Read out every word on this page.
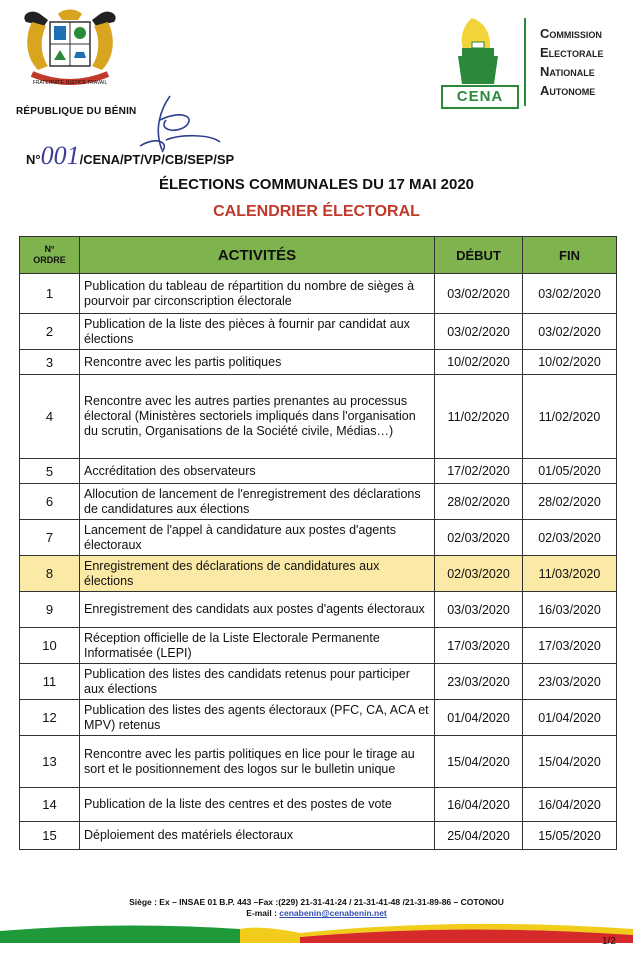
FRATERNITÉ JUSTICE TRAVAIL
RÉPUBLIQUE DU BÉNIN
N°001/CENA/PT/VP/CB/SEP/SP
CENA
Commission
Electorale
Nationale
Autonome
ÉLECTIONS COMMUNALES DU 17 MAI 2020
CALENDRIER ÉLECTORAL
N°
ORDRE	ACTIVITÉS	DÉBUT	FIN
1	Publication du tableau de répartition du nombre de sièges à pourvoir par circonscription électorale	03/02/2020	03/02/2020
2	Publication de la liste des pièces à fournir par candidat aux élections	03/02/2020	03/02/2020
3	Rencontre avec les partis politiques	10/02/2020	10/02/2020
4	Rencontre avec les autres parties prenantes au processus électoral (Ministères sectoriels impliqués dans l'organisation du scrutin, Organisations de la Société civile, Médias…)	11/02/2020	11/02/2020
5	Accréditation des observateurs	17/02/2020	01/05/2020
6	Allocution de lancement de l'enregistrement des déclarations de candidatures aux élections	28/02/2020	28/02/2020
7	Lancement de l'appel à candidature aux postes d'agents électoraux	02/03/2020	02/03/2020
8	Enregistrement des déclarations de candidatures aux élections	02/03/2020	11/03/2020
9	Enregistrement des candidats aux postes d'agents électoraux	03/03/2020	16/03/2020
10	Réception officielle de la Liste Electorale Permanente Informatisée (LEPI)	17/03/2020	17/03/2020
11	Publication des listes des candidats retenus pour participer aux élections	23/03/2020	23/03/2020
12	Publication des listes des agents électoraux (PFC, CA, ACA et MPV) retenus	01/04/2020	01/04/2020
13	Rencontre avec les partis politiques en lice pour le tirage au sort et le positionnement des logos sur le bulletin unique	15/04/2020	15/04/2020
14	Publication de la liste des centres et des postes de vote	16/04/2020	16/04/2020
15	Déploiement des matériels électoraux	25/04/2020	15/05/2020
Siège : Ex – INSAE 01 B.P. 443 –Fax :(229) 21-31-41-24 / 21-31-41-48 /21-31-89-86 – COTONOU
E-mail : cenabenin@cenabenin.net
1/2
